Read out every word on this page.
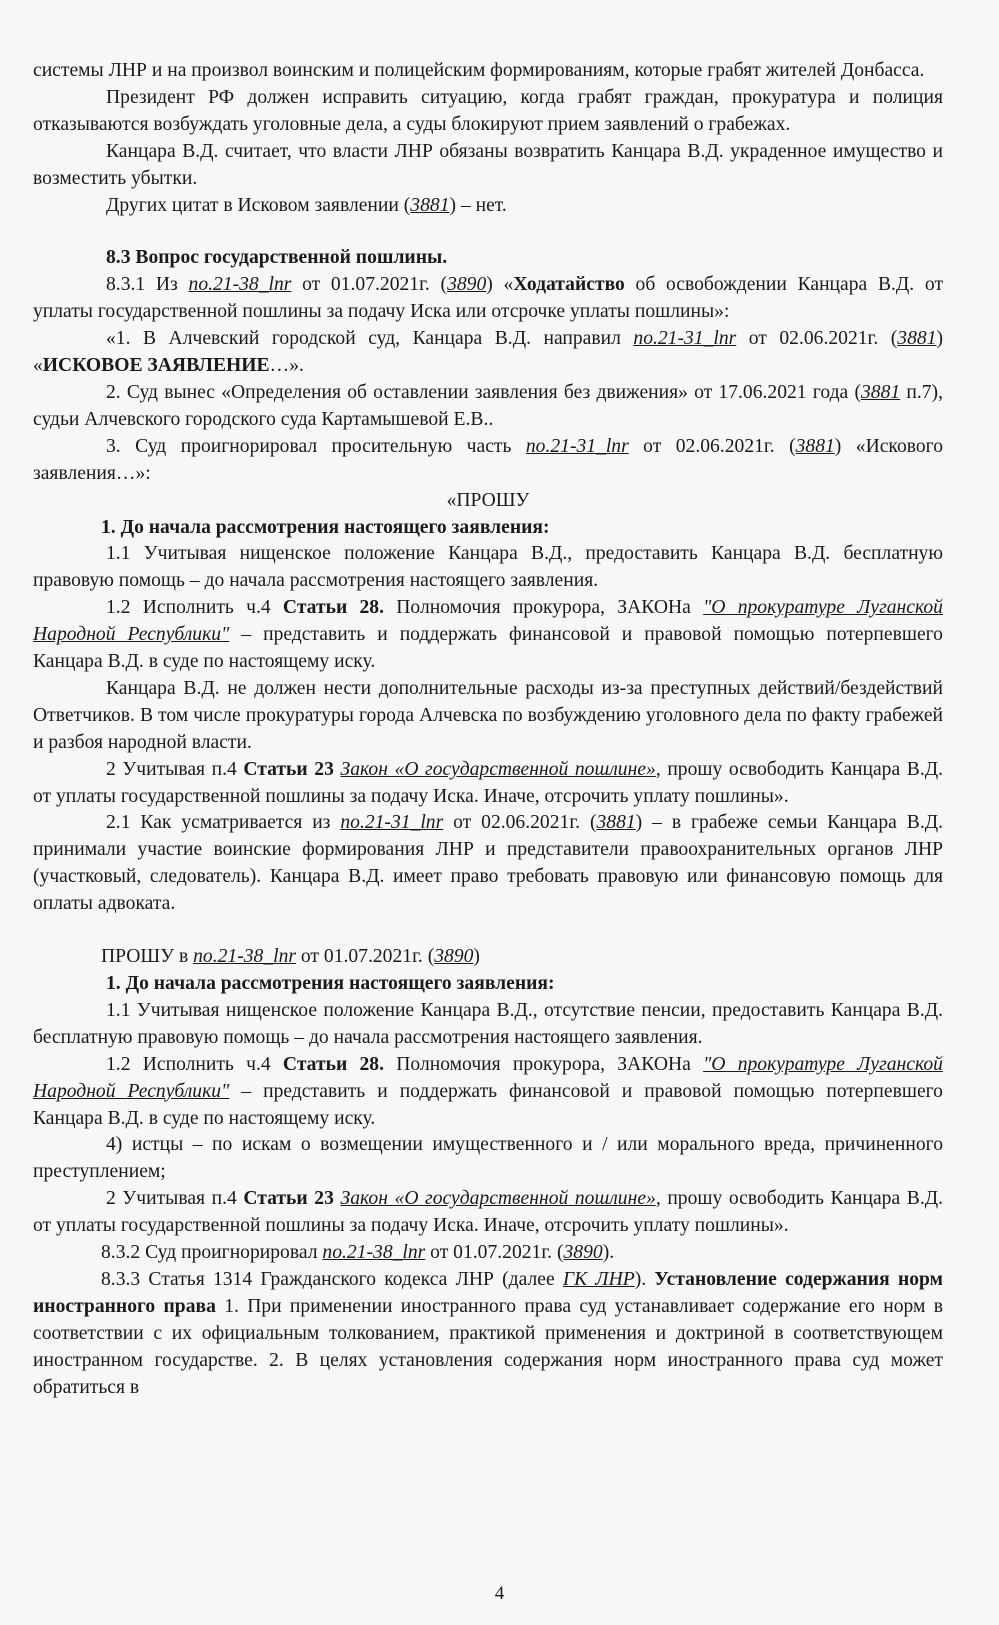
системы ЛНР и на произвол воинским и полицейским формированиям, которые грабят жителей Донбасса.

Президент РФ должен исправить ситуацию, когда грабят граждан, прокуратура и полиция отказываются возбуждать уголовные дела, а суды блокируют прием заявлений о грабежах.

Канцара В.Д. считает, что власти ЛНР обязаны возвратить Канцара В.Д. украденное имущество и возместить убытки.

Других цитат в Исковом заявлении (3881) – нет.

8.3 Вопрос государственной пошлины.

8.3.1 Из no.21-38_lnr от 01.07.2021г. (3890) «Ходатайство об освобождении Канцара В.Д. от уплаты государственной пошлины за подачу Иска или отсрочке уплаты пошлины»:

«1. В Алчевский городской суд, Канцара В.Д. направил no.21-31_lnr от 02.06.2021г. (3881) «ИСКОВОЕ ЗАЯВЛЕНИЕ…».

2. Суд вынес «Определения об оставлении заявления без движения» от 17.06.2021 года (3881 п.7), судьи Алчевского городского суда Картамышевой Е.В..

3. Суд проигнорировал просительную часть no.21-31_lnr от 02.06.2021г. (3881) «Искового заявления…»:

«ПРОШУ

1. До начала рассмотрения настоящего заявления:

1.1 Учитывая нищенское положение Канцара В.Д., предоставить Канцара В.Д. бесплатную правовую помощь – до начала рассмотрения настоящего заявления.

1.2 Исполнить ч.4 Статьи 28. Полномочия прокурора, ЗАКОНа "О прокуратуре Луганской Народной Республики" – представить и поддержать финансовой и правовой помощью потерпевшего Канцара В.Д. в суде по настоящему иску.

Канцара В.Д. не должен нести дополнительные расходы из-за преступных действий/бездействий Ответчиков. В том числе прокуратуры города Алчевска по возбуждению уголовного дела по факту грабежей и разбоя народной власти.

2 Учитывая п.4 Статьи 23 Закон «О государственной пошлине», прошу освободить Канцара В.Д. от уплаты государственной пошлины за подачу Иска. Иначе, отсрочить уплату пошлины».

2.1 Как усматривается из no.21-31_lnr от 02.06.2021г. (3881) – в грабеже семьи Канцара В.Д. принимали участие воинские формирования ЛНР и представители правоохранительных органов ЛНР (участковый, следователь). Канцара В.Д. имеет право требовать правовую или финансовую помощь для оплаты адвоката.

ПРОШУ в no.21-38_lnr от 01.07.2021г. (3890)

1. До начала рассмотрения настоящего заявления:

1.1 Учитывая нищенское положение Канцара В.Д., отсутствие пенсии, предоставить Канцара В.Д. бесплатную правовую помощь – до начала рассмотрения настоящего заявления.

1.2 Исполнить ч.4 Статьи 28. Полномочия прокурора, ЗАКОНа "О прокуратуре Луганской Народной Республики" – представить и поддержать финансовой и правовой помощью потерпевшего Канцара В.Д. в суде по настоящему иску.

4) истцы – по искам о возмещении имущественного и / или морального вреда, причиненного преступлением;

2 Учитывая п.4 Статьи 23 Закон «О государственной пошлине», прошу освободить Канцара В.Д. от уплаты государственной пошлины за подачу Иска. Иначе, отсрочить уплату пошлины».

8.3.2 Суд проигнорировал no.21-38_lnr от 01.07.2021г. (3890).

8.3.3 Статья 1314 Гражданского кодекса ЛНР (далее ГК ЛНР). Установление содержания норм иностранного права 1. При применении иностранного права суд устанавливает содержание его норм в соответствии с их официальным толкованием, практикой применения и доктриной в соответствующем иностранном государстве. 2. В целях установления содержания норм иностранного права суд может обратиться в

4
